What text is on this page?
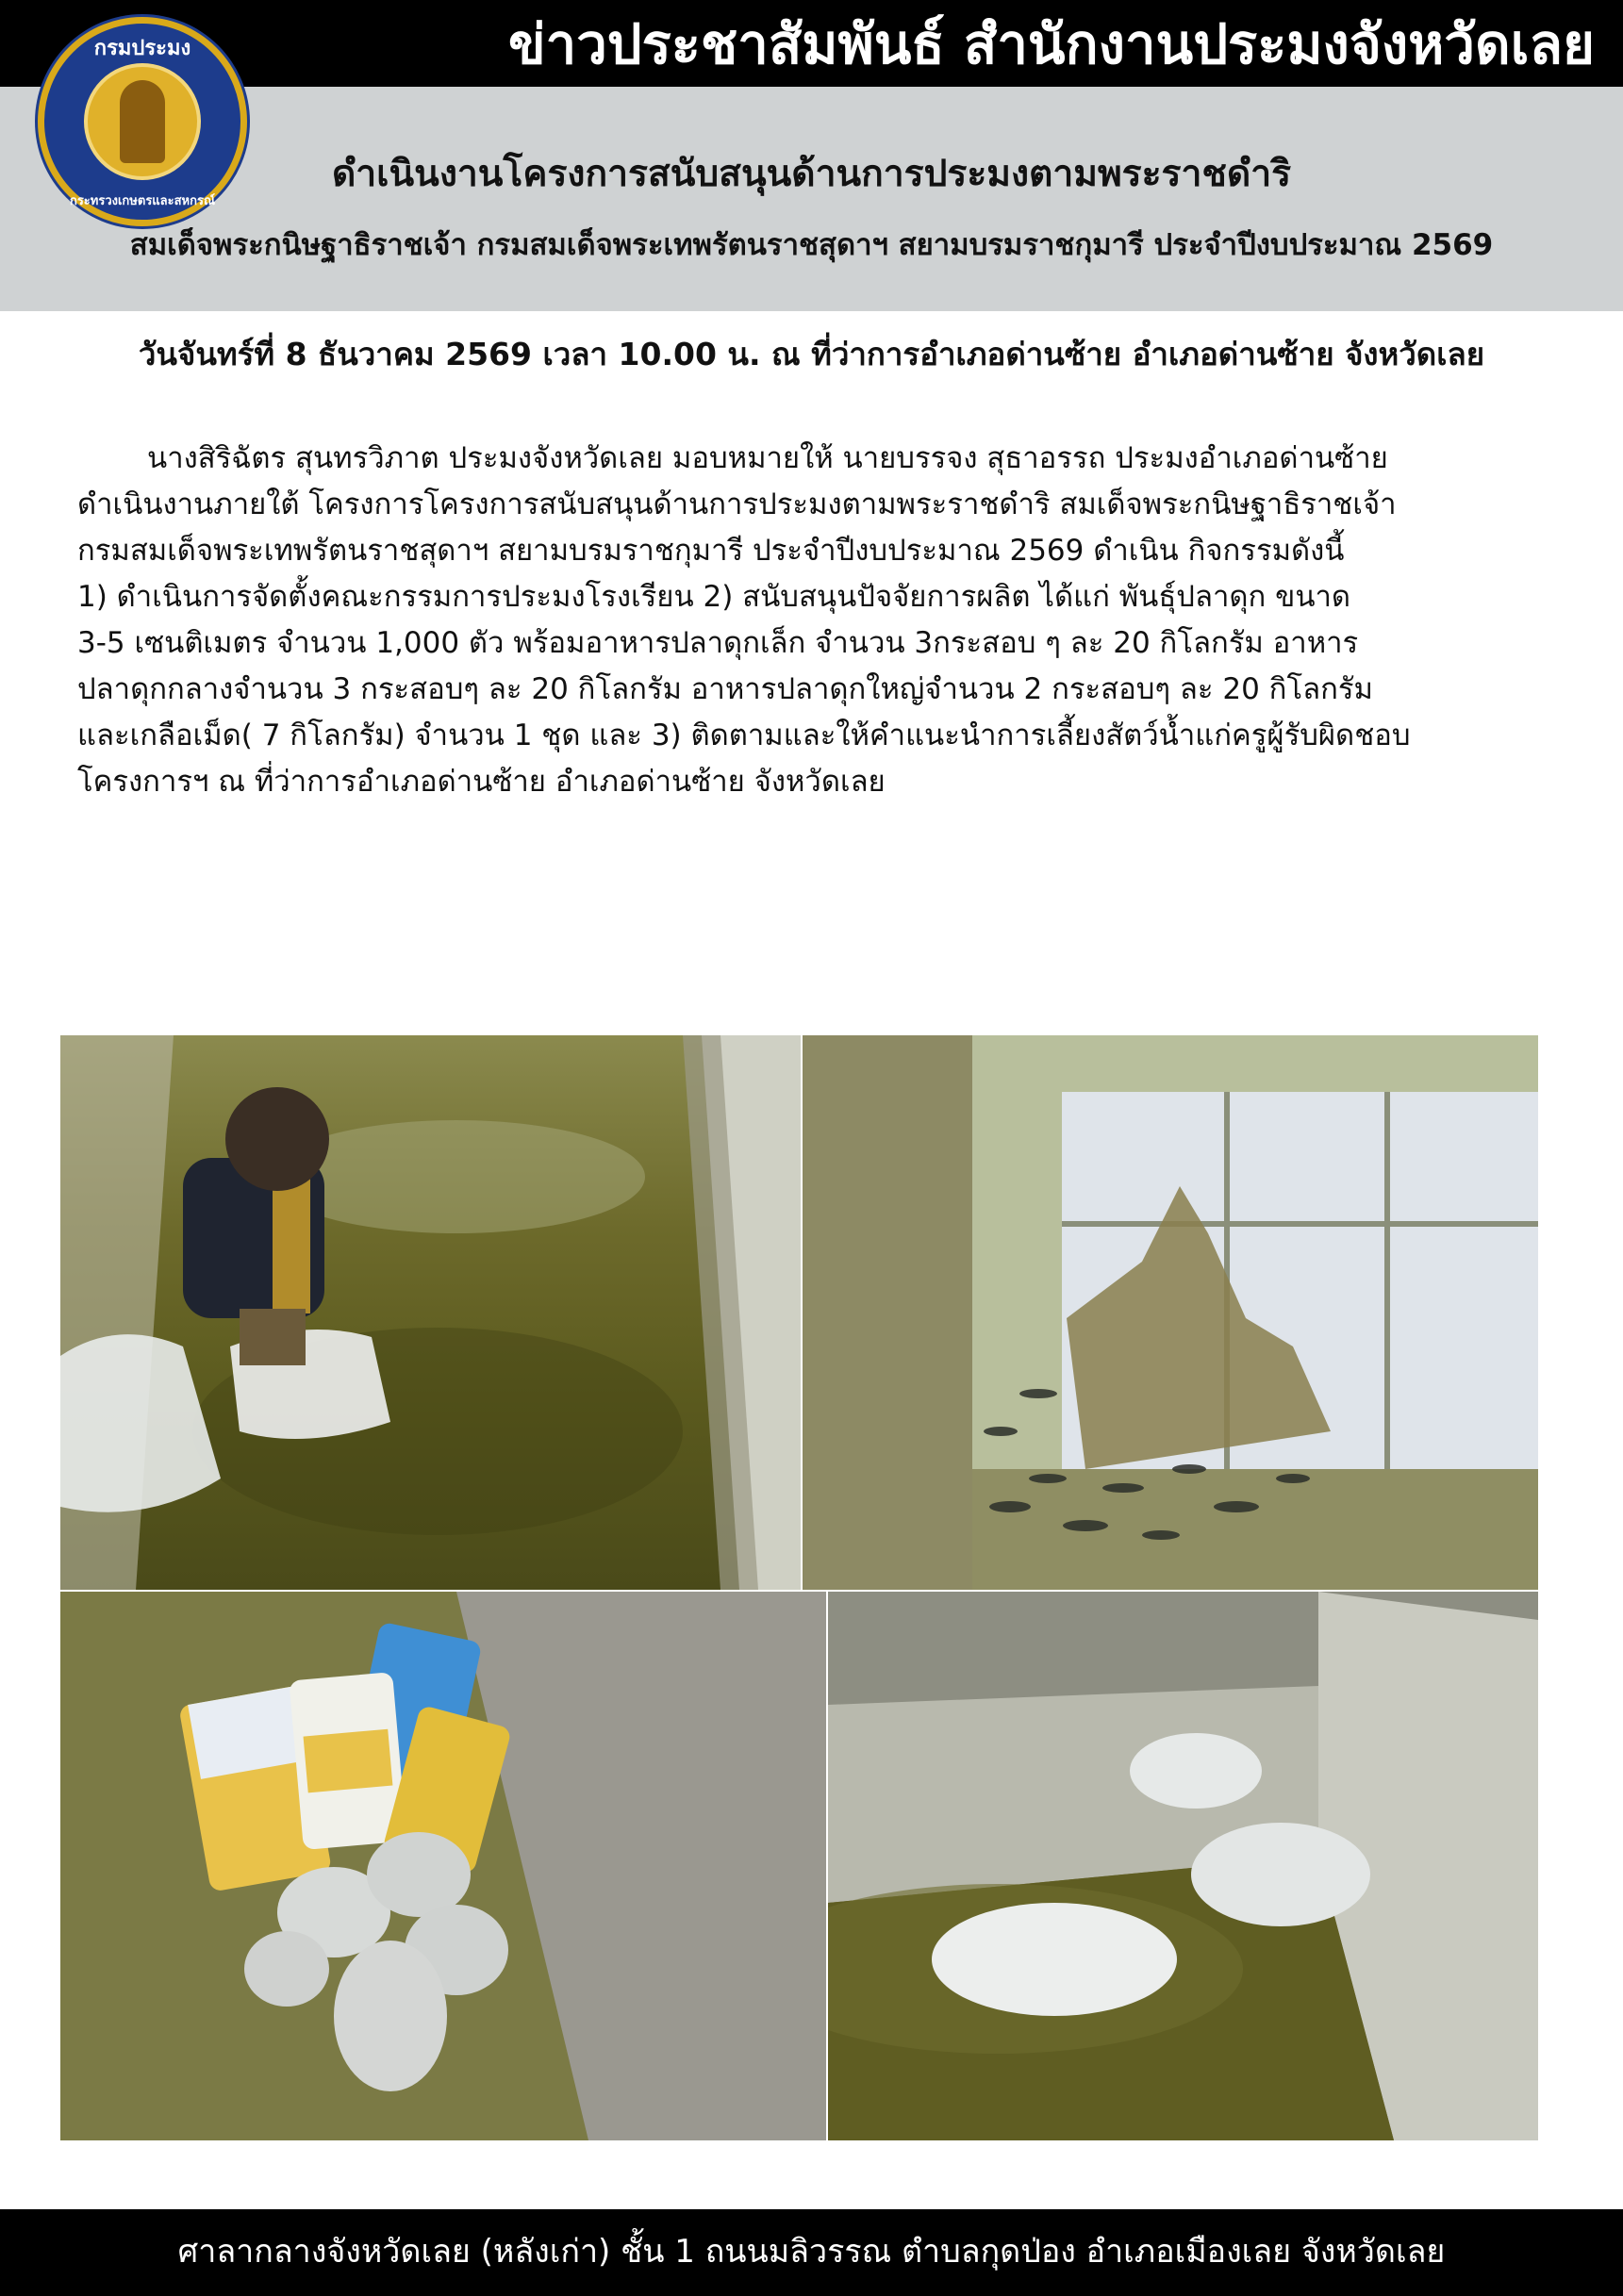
ข่าวประชาสัมพันธ์ สำนักงานประมงจังหวัดเลย
กรมประมง
กระทรวงเกษตรและสหกรณ์
ดำเนินงานโครงการสนับสนุนด้านการประมงตามพระราชดำริ
สมเด็จพระกนิษฐาธิราชเจ้า กรมสมเด็จพระเทพรัตนราชสุดาฯ สยามบรมราชกุมารี ประจำปีงบประมาณ 2569
วันจันทร์ที่ 8 ธันวาคม 2569 เวลา 10.00 น. ณ ที่ว่าการอำเภอด่านซ้าย อำเภอด่านซ้าย จังหวัดเลย
นางสิริฉัตร สุนทรวิภาต ประมงจังหวัดเลย มอบหมายให้ นายบรรจง สุธาอรรถ ประมงอำเภอด่านซ้าย
ดำเนินงานภายใต้ โครงการโครงการสนับสนุนด้านการประมงตามพระราชดำริ สมเด็จพระกนิษฐาธิราชเจ้า
กรมสมเด็จพระเทพรัตนราชสุดาฯ สยามบรมราชกุมารี ประจำปีงบประมาณ 2569 ดำเนิน กิจกรรมดังนี้
1) ดำเนินการจัดตั้งคณะกรรมการประมงโรงเรียน 2) สนับสนุนปัจจัยการผลิต ได้แก่ พันธุ์ปลาดุก ขนาด
3-5 เซนติเมตร จำนวน 1,000 ตัว พร้อมอาหารปลาดุกเล็ก จำนวน 3กระสอบ ๆ ละ 20 กิโลกรัม อาหาร
ปลาดุกกลางจำนวน 3 กระสอบๆ ละ 20 กิโลกรัม อาหารปลาดุกใหญ่จำนวน 2 กระสอบๆ ละ 20 กิโลกรัม
และเกลือเม็ด( 7 กิโลกรัม) จำนวน 1 ชุด และ 3) ติดตามและให้คำแนะนำการเลี้ยงสัตว์น้ำแก่ครูผู้รับผิดชอบ
โครงการฯ ณ ที่ว่าการอำเภอด่านซ้าย อำเภอด่านซ้าย จังหวัดเลย
ศาลากลางจังหวัดเลย (หลังเก่า) ชั้น 1 ถนนมลิวรรณ ตำบลกุดป่อง อำเภอเมืองเลย จังหวัดเลย
